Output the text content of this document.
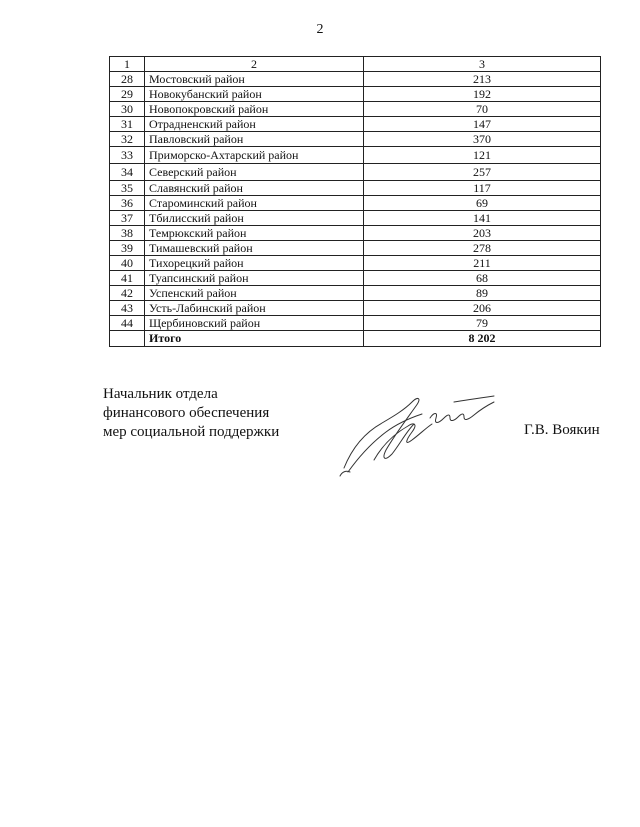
2
1	2	3
28	Мостовский район	213
29	Новокубанский район	192
30	Новопокровский район	70
31	Отрадненский район	147
32	Павловский район	370
33	Приморско-Ахтарский район	121
34	Северский район	257
35	Славянский район	117
36	Староминский район	69
37	Тбилисский район	141
38	Темрюкский район	203
39	Тимашевский район	278
40	Тихорецкий район	211
41	Туапсинский район	68
42	Успенский район	89
43	Усть-Лабинский район	206
44	Щербиновский район	79
	Итого	8 202
Начальник отдела
финансового обеспечения
мер социальной поддержки	Г.В. Воякин
